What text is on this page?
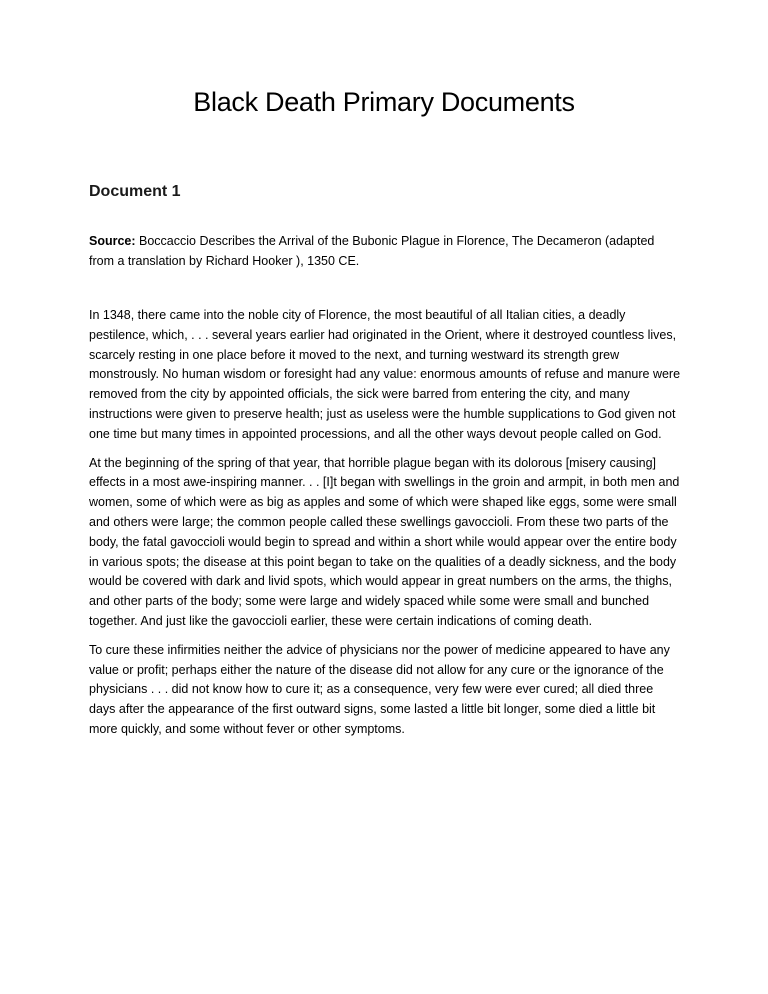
Black Death Primary Documents
Document 1

Source: Boccaccio Describes the Arrival of the Bubonic Plague in Florence, The Decameron (adapted from a translation by Richard Hooker ), 1350 CE.

In 1348, there came into the noble city of Florence, the most beautiful of all Italian cities, a deadly pestilence, which, . . . several years earlier had originated in the Orient, where it destroyed countless lives, scarcely resting in one place before it moved to the next, and turning westward its strength grew monstrously. No human wisdom or foresight had any value: enormous amounts of refuse and manure were removed from the city by appointed officials, the sick were barred from entering the city, and many instructions were given to preserve health; just as useless were the humble supplications to God given not one time but many times in appointed processions, and all the other ways devout people called on God.

At the beginning of the spring of that year, that horrible plague began with its dolorous [misery causing] effects in a most awe-inspiring manner. . . [I]t began with swellings in the groin and armpit, in both men and women, some of which were as big as apples and some of which were shaped like eggs, some were small and others were large; the common people called these swellings gavoccioli. From these two parts of the body, the fatal gavoccioli would begin to spread and within a short while would appear over the entire body in various spots; the disease at this point began to take on the qualities of a deadly sickness, and the body would be covered with dark and livid spots, which would appear in great numbers on the arms, the thighs, and other parts of the body; some were large and widely spaced while some were small and bunched together. And just like the gavoccioli earlier, these were certain indications of coming death.

To cure these infirmities neither the advice of physicians nor the power of medicine appeared to have any value or profit; perhaps either the nature of the disease did not allow for any cure or the ignorance of the physicians . . . did not know how to cure it; as a consequence, very few were ever cured; all died three days after the appearance of the first outward signs, some lasted a little bit longer, some died a little bit more quickly, and some without fever or other symptoms.
